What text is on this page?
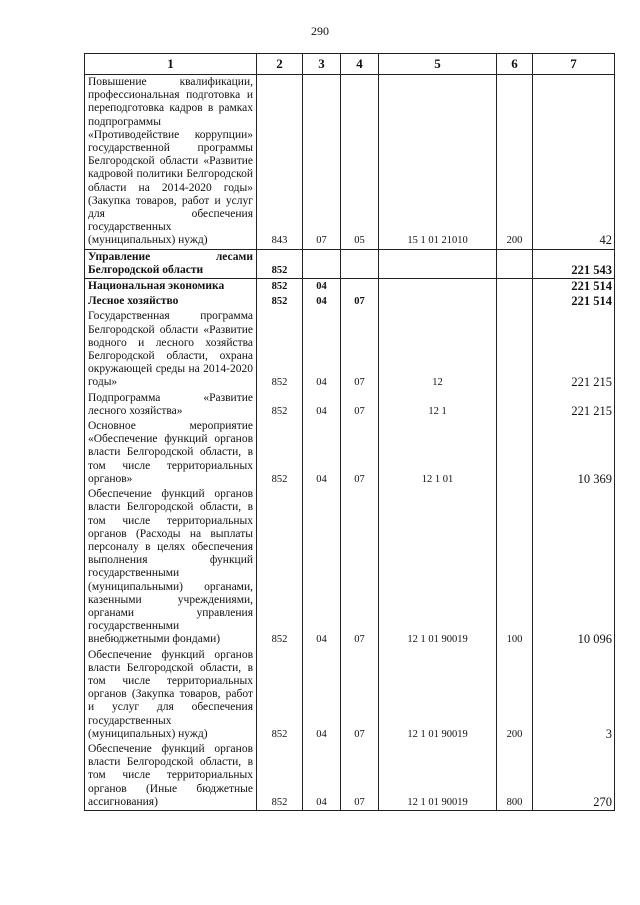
290
1	2	3	4	5	6	7
Повышение квалификации, профессиональная подготовка и переподготовка кадров в рамках подпрограммы «Противодействие коррупции» государственной программы Белгородской области «Развитие кадровой политики Белгородской области на 2014-2020 годы» (Закупка товаров, работ и услуг для обеспечения государственных (муниципальных) нужд)	843	07	05	15 1 01 21010	200	42
Управление лесами Белгородской области	852					221 543
Национальная экономика	852	04				221 514
Лесное хозяйство	852	04	07			221 514
Государственная программа Белгородской области «Развитие водного и лесного хозяйства Белгородской области, охрана окружающей среды на 2014-2020 годы»	852	04	07	12		221 215
Подпрограмма «Развитие лесного хозяйства»	852	04	07	12 1		221 215
Основное мероприятие «Обеспечение функций органов власти Белгородской области, в том числе территориальных органов»	852	04	07	12 1 01		10 369
Обеспечение функций органов власти Белгородской области, в том числе территориальных органов (Расходы на выплаты персоналу в целях обеспечения выполнения функций государственными (муниципальными) органами, казенными учреждениями, органами управления государственными внебюджетными фондами)	852	04	07	12 1 01 90019	100	10 096
Обеспечение функций органов власти Белгородской области, в том числе территориальных органов (Закупка товаров, работ и услуг для обеспечения государственных (муниципальных) нужд)	852	04	07	12 1 01 90019	200	3
Обеспечение функций органов власти Белгородской области, в том числе территориальных органов (Иные бюджетные ассигнования)	852	04	07	12 1 01 90019	800	270
